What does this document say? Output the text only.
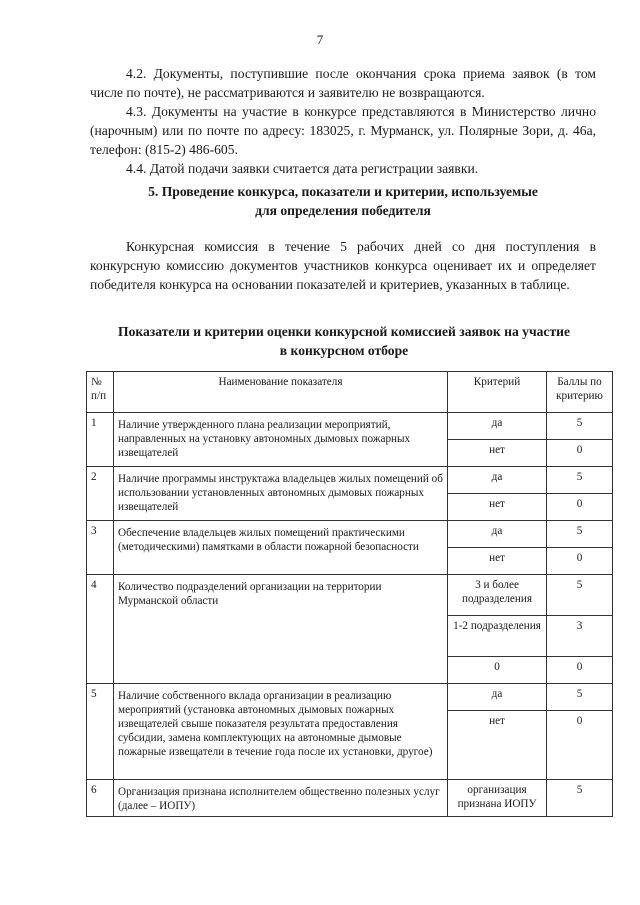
7

4.2. Документы, поступившие после окончания срока приема заявок (в том числе по почте), не рассматриваются и заявителю не возвращаются.

4.3. Документы на участие в конкурсе представляются в Министерство лично (нарочным) или по почте по адресу: 183025, г. Мурманск, ул. Полярные Зори, д. 46а, телефон: (815-2) 486-605.

4.4. Датой подачи заявки считается дата регистрации заявки.

5. Проведение конкурса, показатели и критерии, используемые
для определения победителя

Конкурсная комиссия в течение 5 рабочих дней со дня поступления в конкурсную комиссию документов участников конкурса оценивает их и определяет победителя конкурса на основании показателей и критериев, указанных в таблице.

Показатели и критерии оценки конкурсной комиссией заявок на участие
в конкурсном отборе
№ п/п	Наименование показателя	Критерий	Баллы по критерию
1	Наличие утвержденного плана реализации мероприятий, направленных на установку автономных дымовых пожарных извещателей	да	5
		нет	0
2	Наличие программы инструктажа владельцев жилых помещений об использовании установленных автономных дымовых пожарных извещателей	да	5
		нет	0
3	Обеспечение владельцев жилых помещений практическими (методическими) памятками в области пожарной безопасности	да	5
		нет	0
4	Количество подразделений организации на территории Мурманской области	3 и более подразделения	5
		1-2 подразделения	3
		0	0
5	Наличие собственного вклада организации в реализацию мероприятий (установка автономных дымовых пожарных извещателей свыше показателя результата предоставления субсидии, замена комплектующих на автономные дымовые пожарные извещатели в течение года после их установки, другое)	да	5
		нет	0
6	Организация признана исполнителем общественно полезных услуг (далее – ИОПУ)	организация признана ИОПУ	5
